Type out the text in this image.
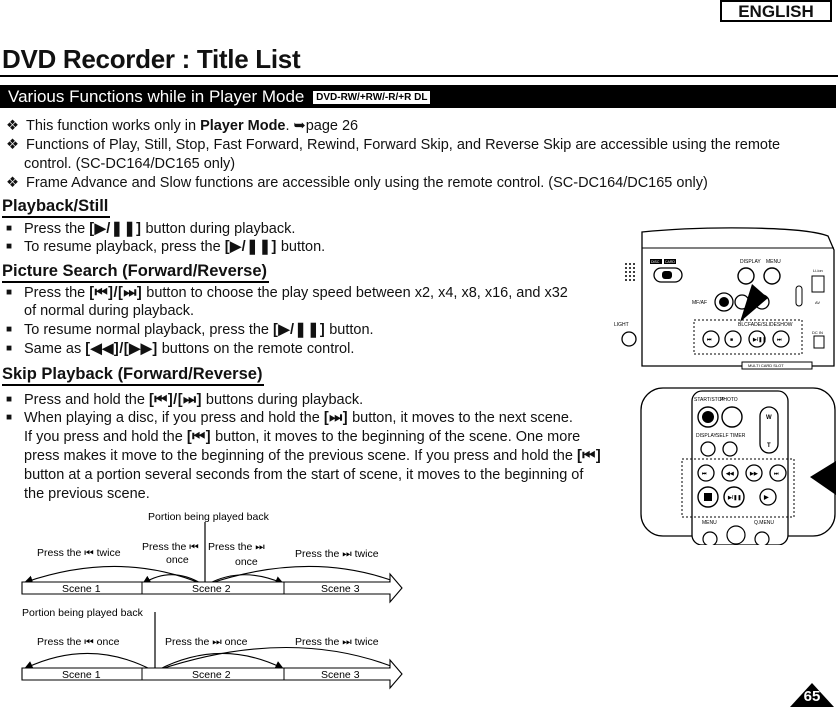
ENGLISH
DVD Recorder : Title List
Various Functions while in Player Mode DVD-RW/+RW/-R/+R DL
❖ This function works only in Player Mode. ➥page 26
❖ Functions of Play, Still, Stop, Fast Forward, Rewind, Forward Skip, and Reverse Skip are accessible using the remote
control. (SC-DC164/DC165 only)
❖ Frame Advance and Slow functions are accessible only using the remote control. (SC-DC164/DC165 only)
Playback/Still
■ Press the [▶/❚❚] button during playback.
■ To resume playback, press the [▶/❚❚] button.
Picture Search (Forward/Reverse)
■ Press the [⏮]/[⏭] button to choose the play speed between x2, x4, x8, x16, and x32
of normal during playback.
■ To resume normal playback, press the [▶/❚❚] button.
■ Same as [◀◀]/[▶▶] buttons on the remote control.
Skip Playback (Forward/Reverse)
■ Press and hold the [⏮]/[⏭] buttons during playback.
■ When playing a disc, if you press and hold the [⏭] button, it moves to the next scene.
If you press and hold the [⏮] button, it moves to the beginning of the scene. One more
press makes it move to the beginning of the previous scene. If you press and hold the [⏮]
button at a portion several seconds from the start of scene, it moves to the beginning of
the previous scene.
DISC CARD	DISPLAY MENU
MF/AF
LIGHT	BLC FADE/SLIDESHOW
⏮	■	▶/❚❚ ⏭
MULTI CARD SLOT
Li-ion
AV
DC IN
START/STOP
PHOTO
W
T
DISPLAY SELF TIMER
⏮	◀◀	▶▶	⏭
▶/❚❚	▶
MENU	Q.MENU
Portion being played back
Press the ⏮ twice Press the ⏮
once
Press the ⏭
once
Press the ⏭ twice
Scene 1	Scene 2	Scene 3
Portion being played back
Press the ⏮ once	Press the ⏭ once	Press the ⏭ twice
Scene 1	Scene 2	Scene 3
65
